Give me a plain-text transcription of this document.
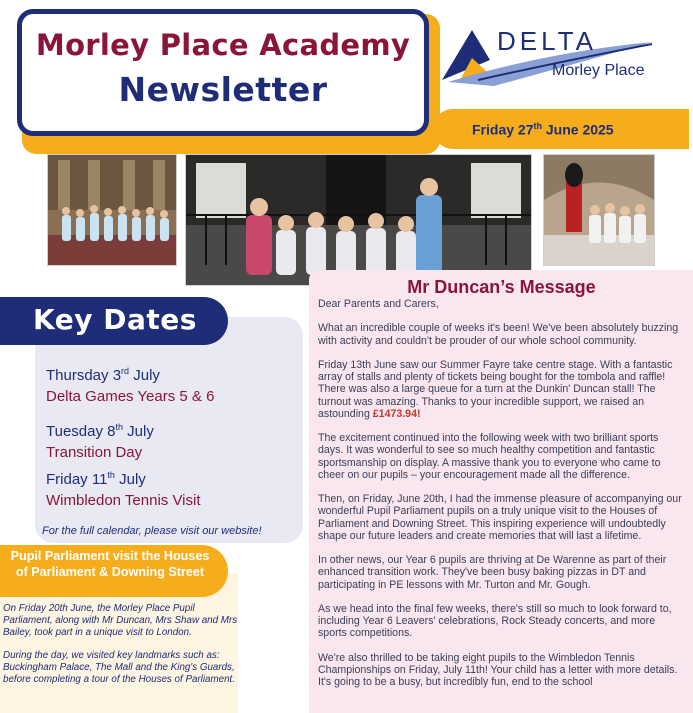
Morley Place Academy
Newsletter
DELTA
Morley Place
Friday 27th June 2025
Mr Duncan’s Message

Dear Parents and Carers,

What an incredible couple of weeks it's been! We've been absolutely buzzing with activity and couldn't be prouder of our whole school community.

Friday 13th June saw our Summer Fayre take centre stage. With a fantastic array of stalls and plenty of tickets being bought for the tombola and raffle! There was also a large queue for a turn at the Dunkin' Duncan stall! The turnout was amazing. Thanks to your incredible support, we raised an astounding £1473.94!

The excitement continued into the following week with two brilliant sports days. It was wonderful to see so much healthy competition and fantastic sportsmanship on display. A massive thank you to everyone who came to cheer on our pupils – your encouragement made all the difference.

Then, on Friday, June 20th, I had the immense pleasure of accompanying our wonderful Pupil Parliament pupils on a truly unique visit to the Houses of Parliament and Downing Street. This inspiring experience will undoubtedly shape our future leaders and create memories that will last a lifetime.

In other news, our Year 6 pupils are thriving at De Warenne as part of their enhanced transition work. They've been busy baking pizzas in DT and participating in PE lessons with Mr. Turton and Mr. Gough.

As we head into the final few weeks, there's still so much to look forward to, including Year 6 Leavers' celebrations, Rock Steady concerts, and more sports competitions.

We're also thrilled to be taking eight pupils to the Wimbledon Tennis Championships on Friday, July 11th! Your child has a letter with more details. It's going to be a busy, but incredibly fun, end to the school

Key Dates
Thursday 3rd July
Delta Games Years 5 & 6
Tuesday 8th July
Transition Day
Friday 11th July
Wimbledon Tennis Visit
For the full calendar, please visit our website!
Pupil Parliament visit the Houses of Parliament & Downing Street

On Friday 20th June, the Morley Place Pupil Parliament, along with Mr Duncan, Mrs Shaw and Mrs Bailey, took part in a unique visit to London.

During the day, we visited key landmarks such as: Buckingham Palace, The Mall and the King's Guards, before completing a tour of the Houses of Parliament.
